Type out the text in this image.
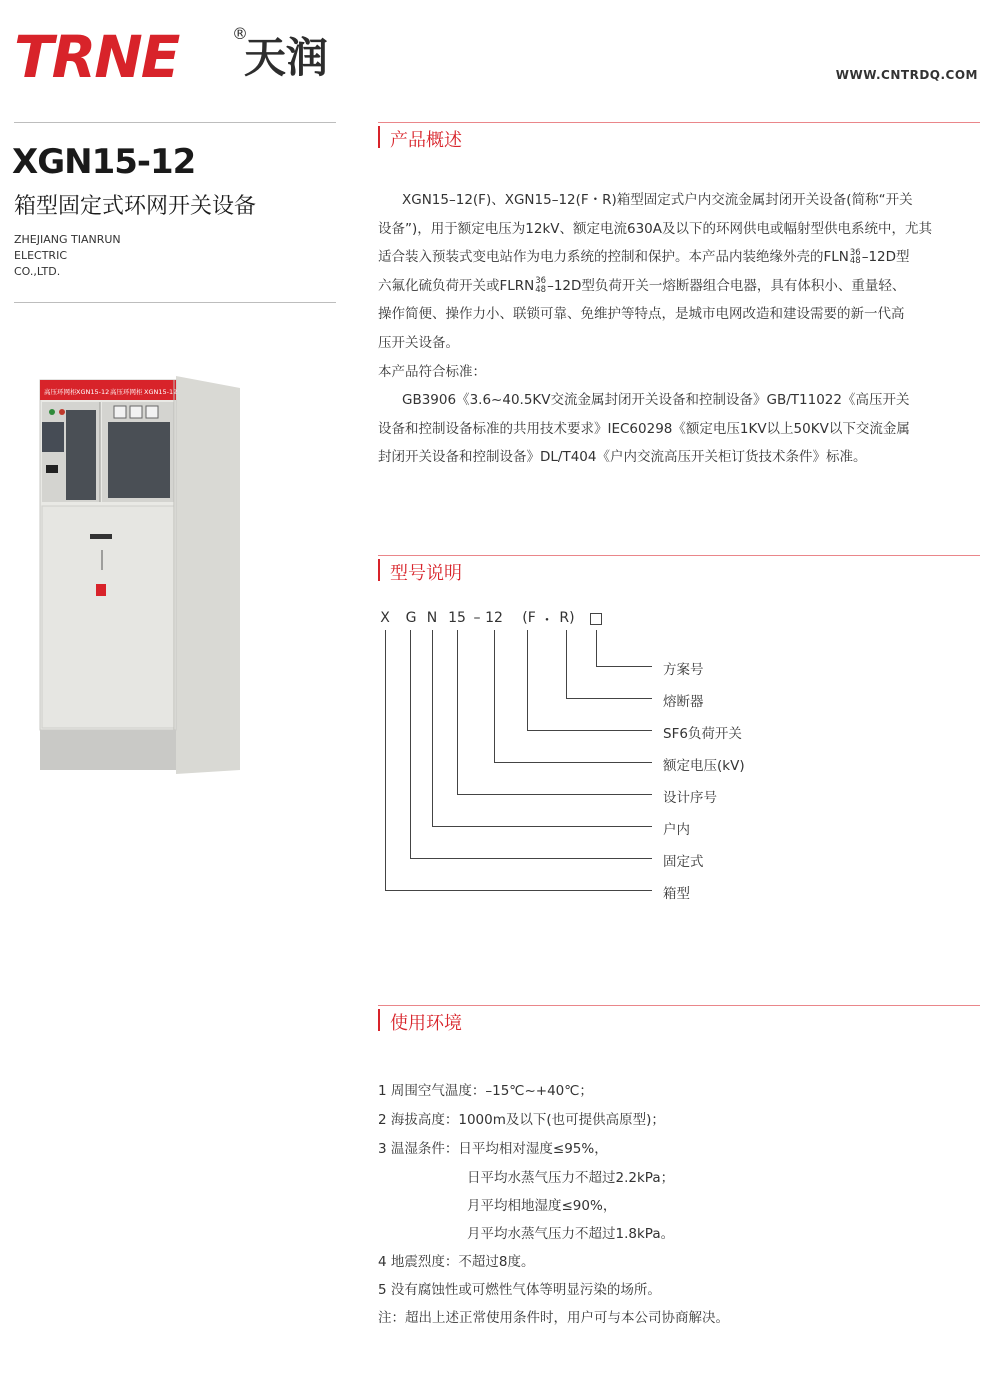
TRNE	®
天润	WWW.CNTRDQ.COM
XGN15-12
箱型固定式环网开关设备
ZHEJIANG TIANRUN
ELECTRIC
CO.,LTD.
高压环网柜 XGN15-12 高压环网柜 XGN15-12
产品概述

XGN15–12(F)、XGN15–12(F・R)箱型固定式户内交流金属封闭开关设备(简称“开关

设备”)，用于额定电压为12kV、额定电流630A及以下的环网供电或幅射型供电系统中，尤其

适合装入预装式变电站作为电力系统的控制和保护。本产品内装绝缘外壳的FLN 36
48 –12D型

六氟化硫负荷开关或FLRN 36
48 –12D型负荷开关一熔断器组合电器，具有体积小、重量轻、

操作简便、操作力小、联锁可靠、免维护等特点，是城市电网改造和建设需要的新一代高

压开关设备。

本产品符合标准：

GB3906《3.6~40.5KV交流金属封闭开关设备和控制设备》GB/T11022《高压开关

设备和控制设备标准的共用技术要求》IEC60298《额定电压1KV以上50KV以下交流金属

封闭开关设备和控制设备》DL/T404《户内交流高压开关柜订货技术条件》标准。

型号说明
X	G N 15 – 12	(F ・ R)
方案号
熔断器
SF6负荷开关
额定电压(kV)
设计序号
户内
固定式
箱型
使用环境
1 周围空气温度：–15℃~+40℃；
2 海拔高度：1000m及以下(也可提供高原型)；
3 温湿条件：日平均相对湿度≤95%，
日平均水蒸气压力不超过2.2kPa；
月平均相地湿度≤90%，
月平均水蒸气压力不超过1.8kPa。
4 地震烈度：不超过8度。
5 没有腐蚀性或可燃性气体等明显污染的场所。
注：超出上述正常使用条件时，用户可与本公司协商解决。
